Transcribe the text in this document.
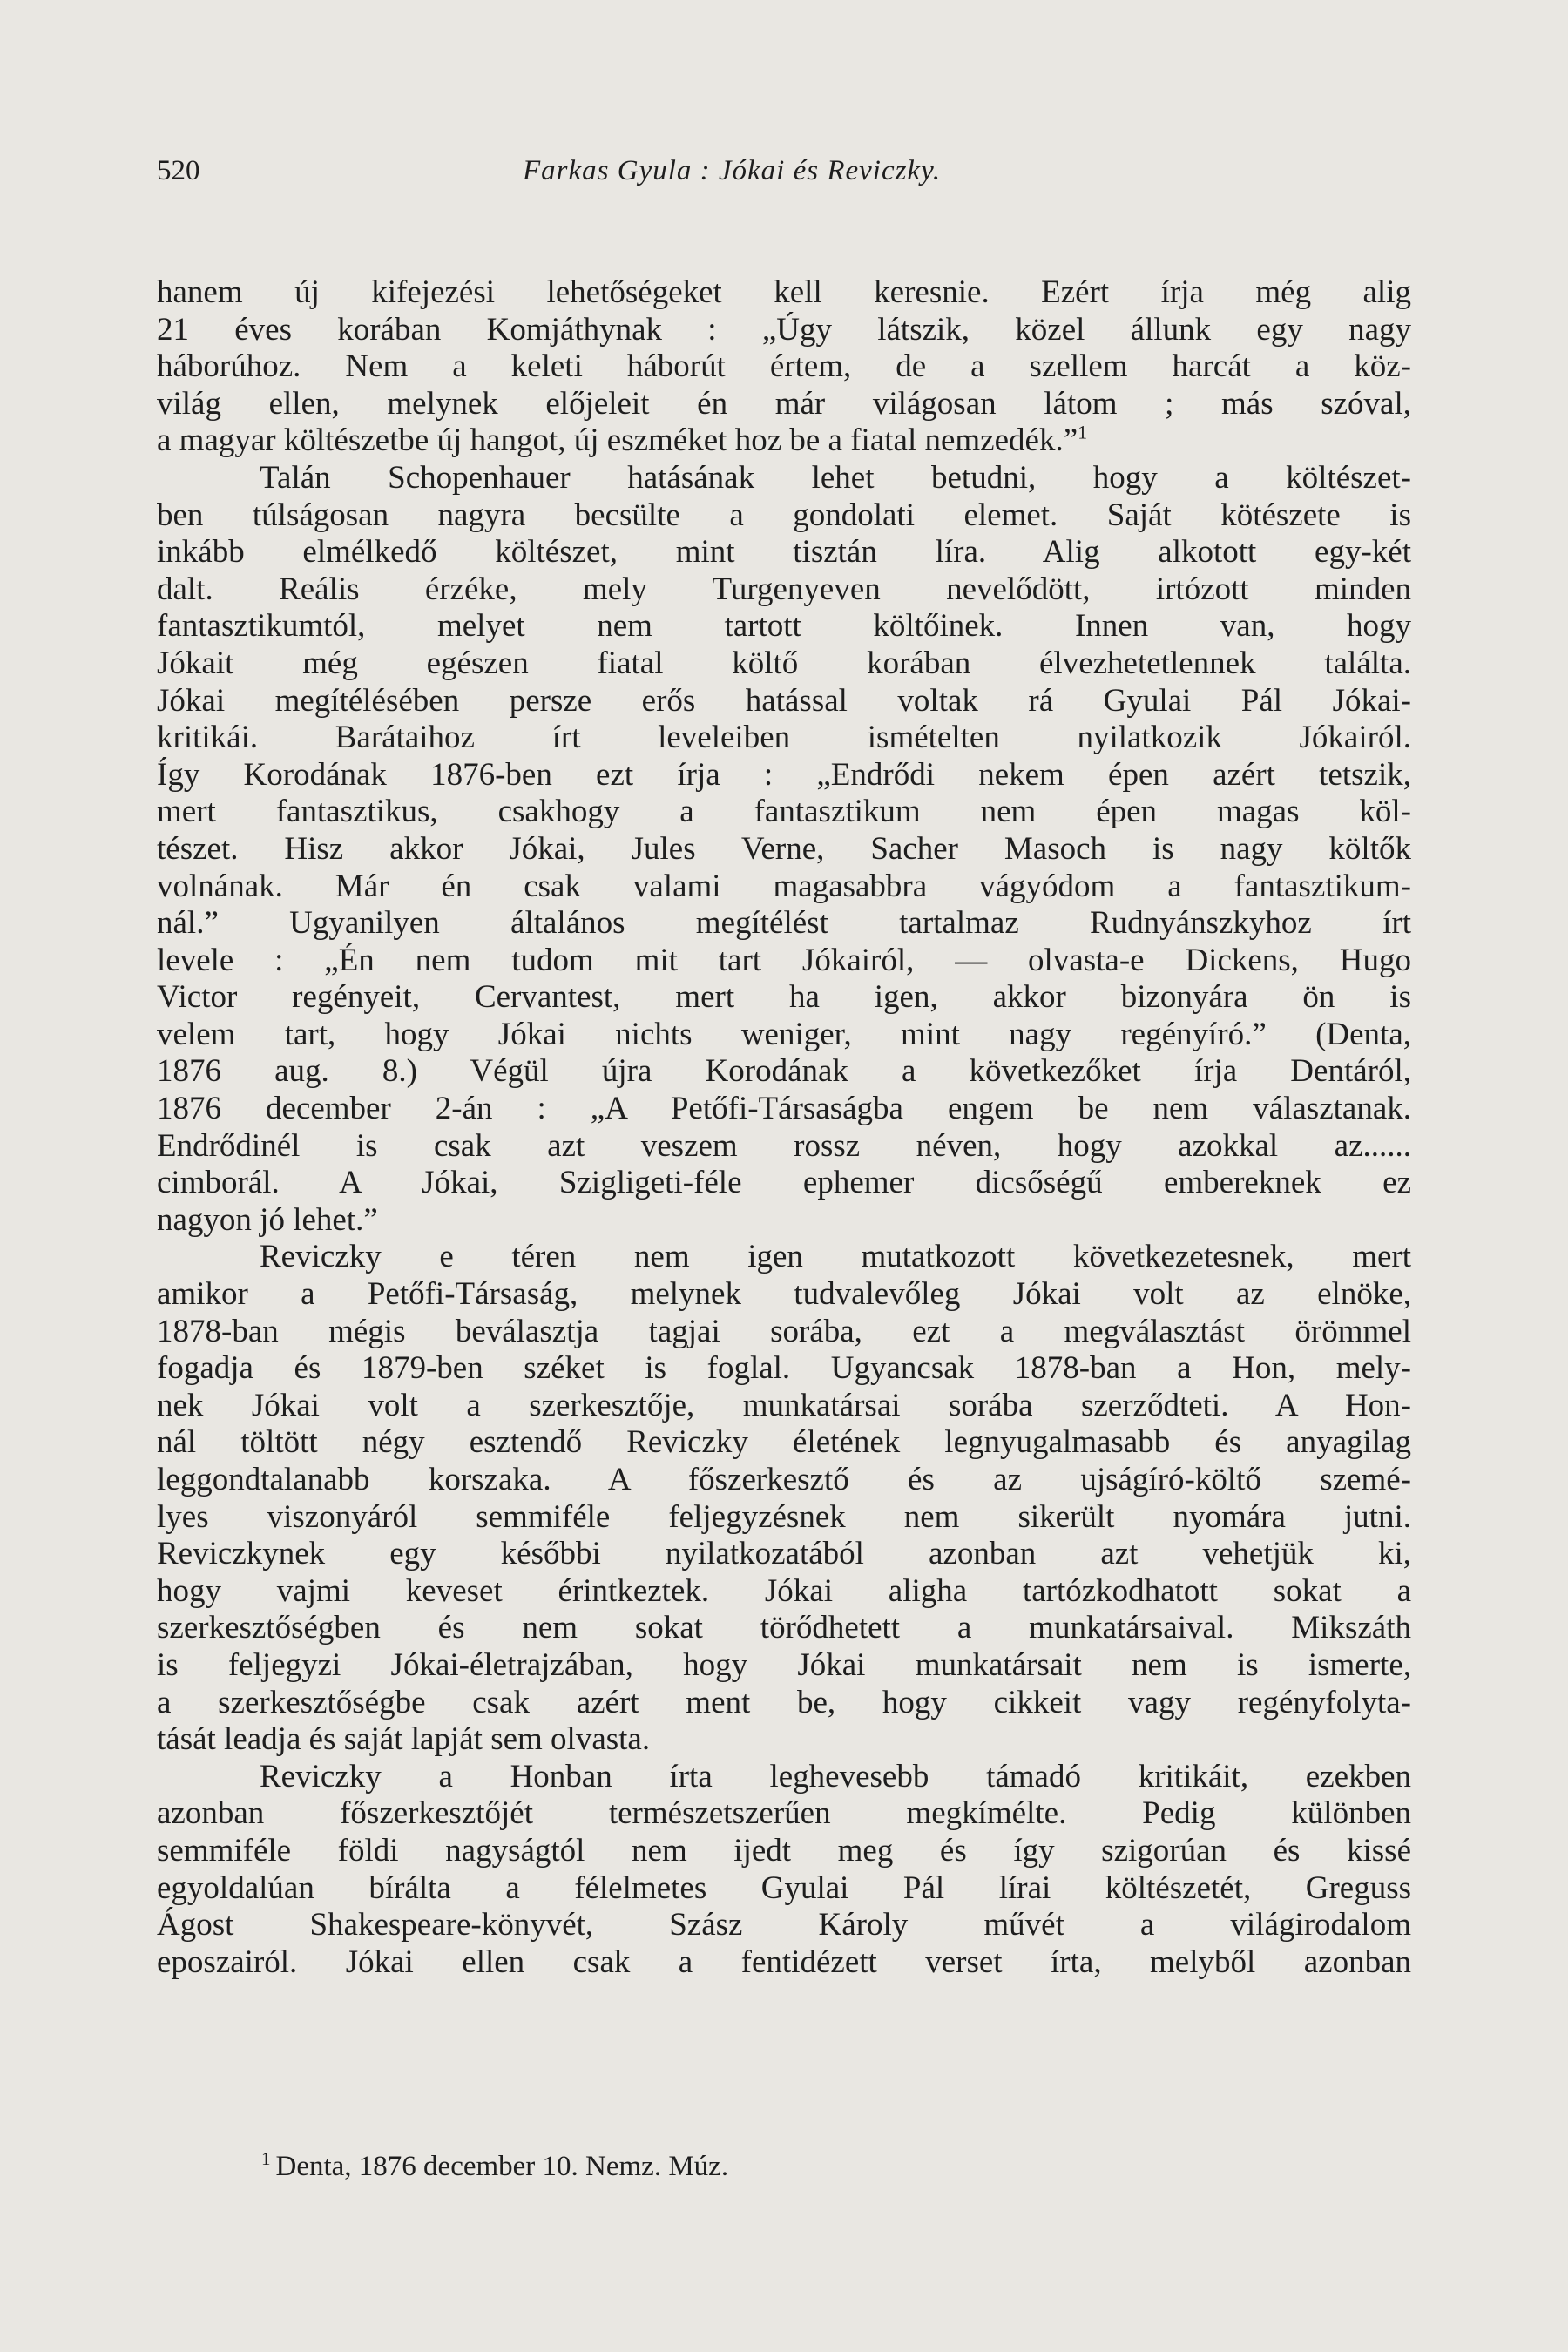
520	Farkas Gyula : Jókai és Reviczky.
hanem új kifejezési lehetőségeket kell keresnie. Ezért írja még alig
21 éves korában Komjáthynak : „Úgy látszik, közel állunk egy nagy
háborúhoz. Nem a keleti háborút értem, de a szellem harcát a köz-
világ ellen, melynek előjeleit én már világosan látom ; más szóval,
a magyar költészetbe új hangot, új eszméket hoz be a fiatal nemzedék.”$^1$
Talán Schopenhauer hatásának lehet betudni, hogy a költészet-
ben túlságosan nagyra becsülte a gondolati elemet. Saját kötészete is
inkább elmélkedő költészet, mint tisztán líra. Alig alkotott egy-két
dalt. Reális érzéke, mely Turgenyeven nevelődött, irtózott minden
fantasztikumtól, melyet nem tartott költőinek. Innen van, hogy
Jókait még egészen fiatal költő korában élvezhetetlennek találta.
Jókai megítélésében persze erős hatással voltak rá Gyulai Pál Jókai-
kritikái. Barátaihoz írt leveleiben ismételten nyilatkozik Jókairól.
Így Korodának 1876-ben ezt írja : „Endrődi nekem épen azért tetszik,
mert fantasztikus, csakhogy a fantasztikum nem épen magas köl-
tészet. Hisz akkor Jókai, Jules Verne, Sacher Masoch is nagy költők
volnának. Már én csak valami magasabbra vágyódom a fantasztikum-
nál.” Ugyanilyen általános megítélést tartalmaz Rudnyánszkyhoz írt
levele : „Én nem tudom mit tart Jókairól, — olvasta-e Dickens, Hugo
Victor regényeit, Cervantest, mert ha igen, akkor bizonyára ön is
velem tart, hogy Jókai nichts weniger, mint nagy regényíró.” (Denta,
1876 aug. 8.) Végül újra Korodának a következőket írja Dentáról,
1876 december 2-án : „A Petőfi-Társaságba engem be nem választanak.
Endrődinél is csak azt veszem rossz néven, hogy azokkal az......
cimborál. A Jókai, Szigligeti-féle ephemer dicsőségű embereknek ez
nagyon jó lehet.”
Reviczky e téren nem igen mutatkozott következetesnek, mert
amikor a Petőfi-Társaság, melynek tudvalevőleg Jókai volt az elnöke,
1878-ban mégis beválasztja tagjai sorába, ezt a megválasztást örömmel
fogadja és 1879-ben széket is foglal. Ugyancsak 1878-ban a Hon, mely-
nek Jókai volt a szerkesztője, munkatársai sorába szerződteti. A Hon-
nál töltött négy esztendő Reviczky életének legnyugalmasabb és anyagilag
leggondtalanabb korszaka. A főszerkesztő és az ujságíró-költő szemé-
lyes viszonyáról semmiféle feljegyzésnek nem sikerült nyomára jutni.
Reviczkynek egy későbbi nyilatkozatából azonban azt vehetjük ki,
hogy vajmi keveset érintkeztek. Jókai aligha tartózkodhatott sokat a
szerkesztőségben és nem sokat törődhetett a munkatársaival. Mikszáth
is feljegyzi Jókai-életrajzában, hogy Jókai munkatársait nem is ismerte,
a szerkesztőségbe csak azért ment be, hogy cikkeit vagy regényfolyta-
tását leadja és saját lapját sem olvasta.
Reviczky a Honban írta leghevesebb támadó kritikáit, ezekben
azonban főszerkesztőjét természetszerűen megkímélte. Pedig különben
semmiféle földi nagyságtól nem ijedt meg és így szigorúan és kissé
egyoldalúan bírálta a félelmetes Gyulai Pál lírai költészetét, Greguss
Ágost Shakespeare-könyvét, Szász Károly művét a világirodalom
eposzairól. Jókai ellen csak a fentidézett verset írta, melyből azonban
$^1$ Denta, 1876 december 10. Nemz. Múz.
